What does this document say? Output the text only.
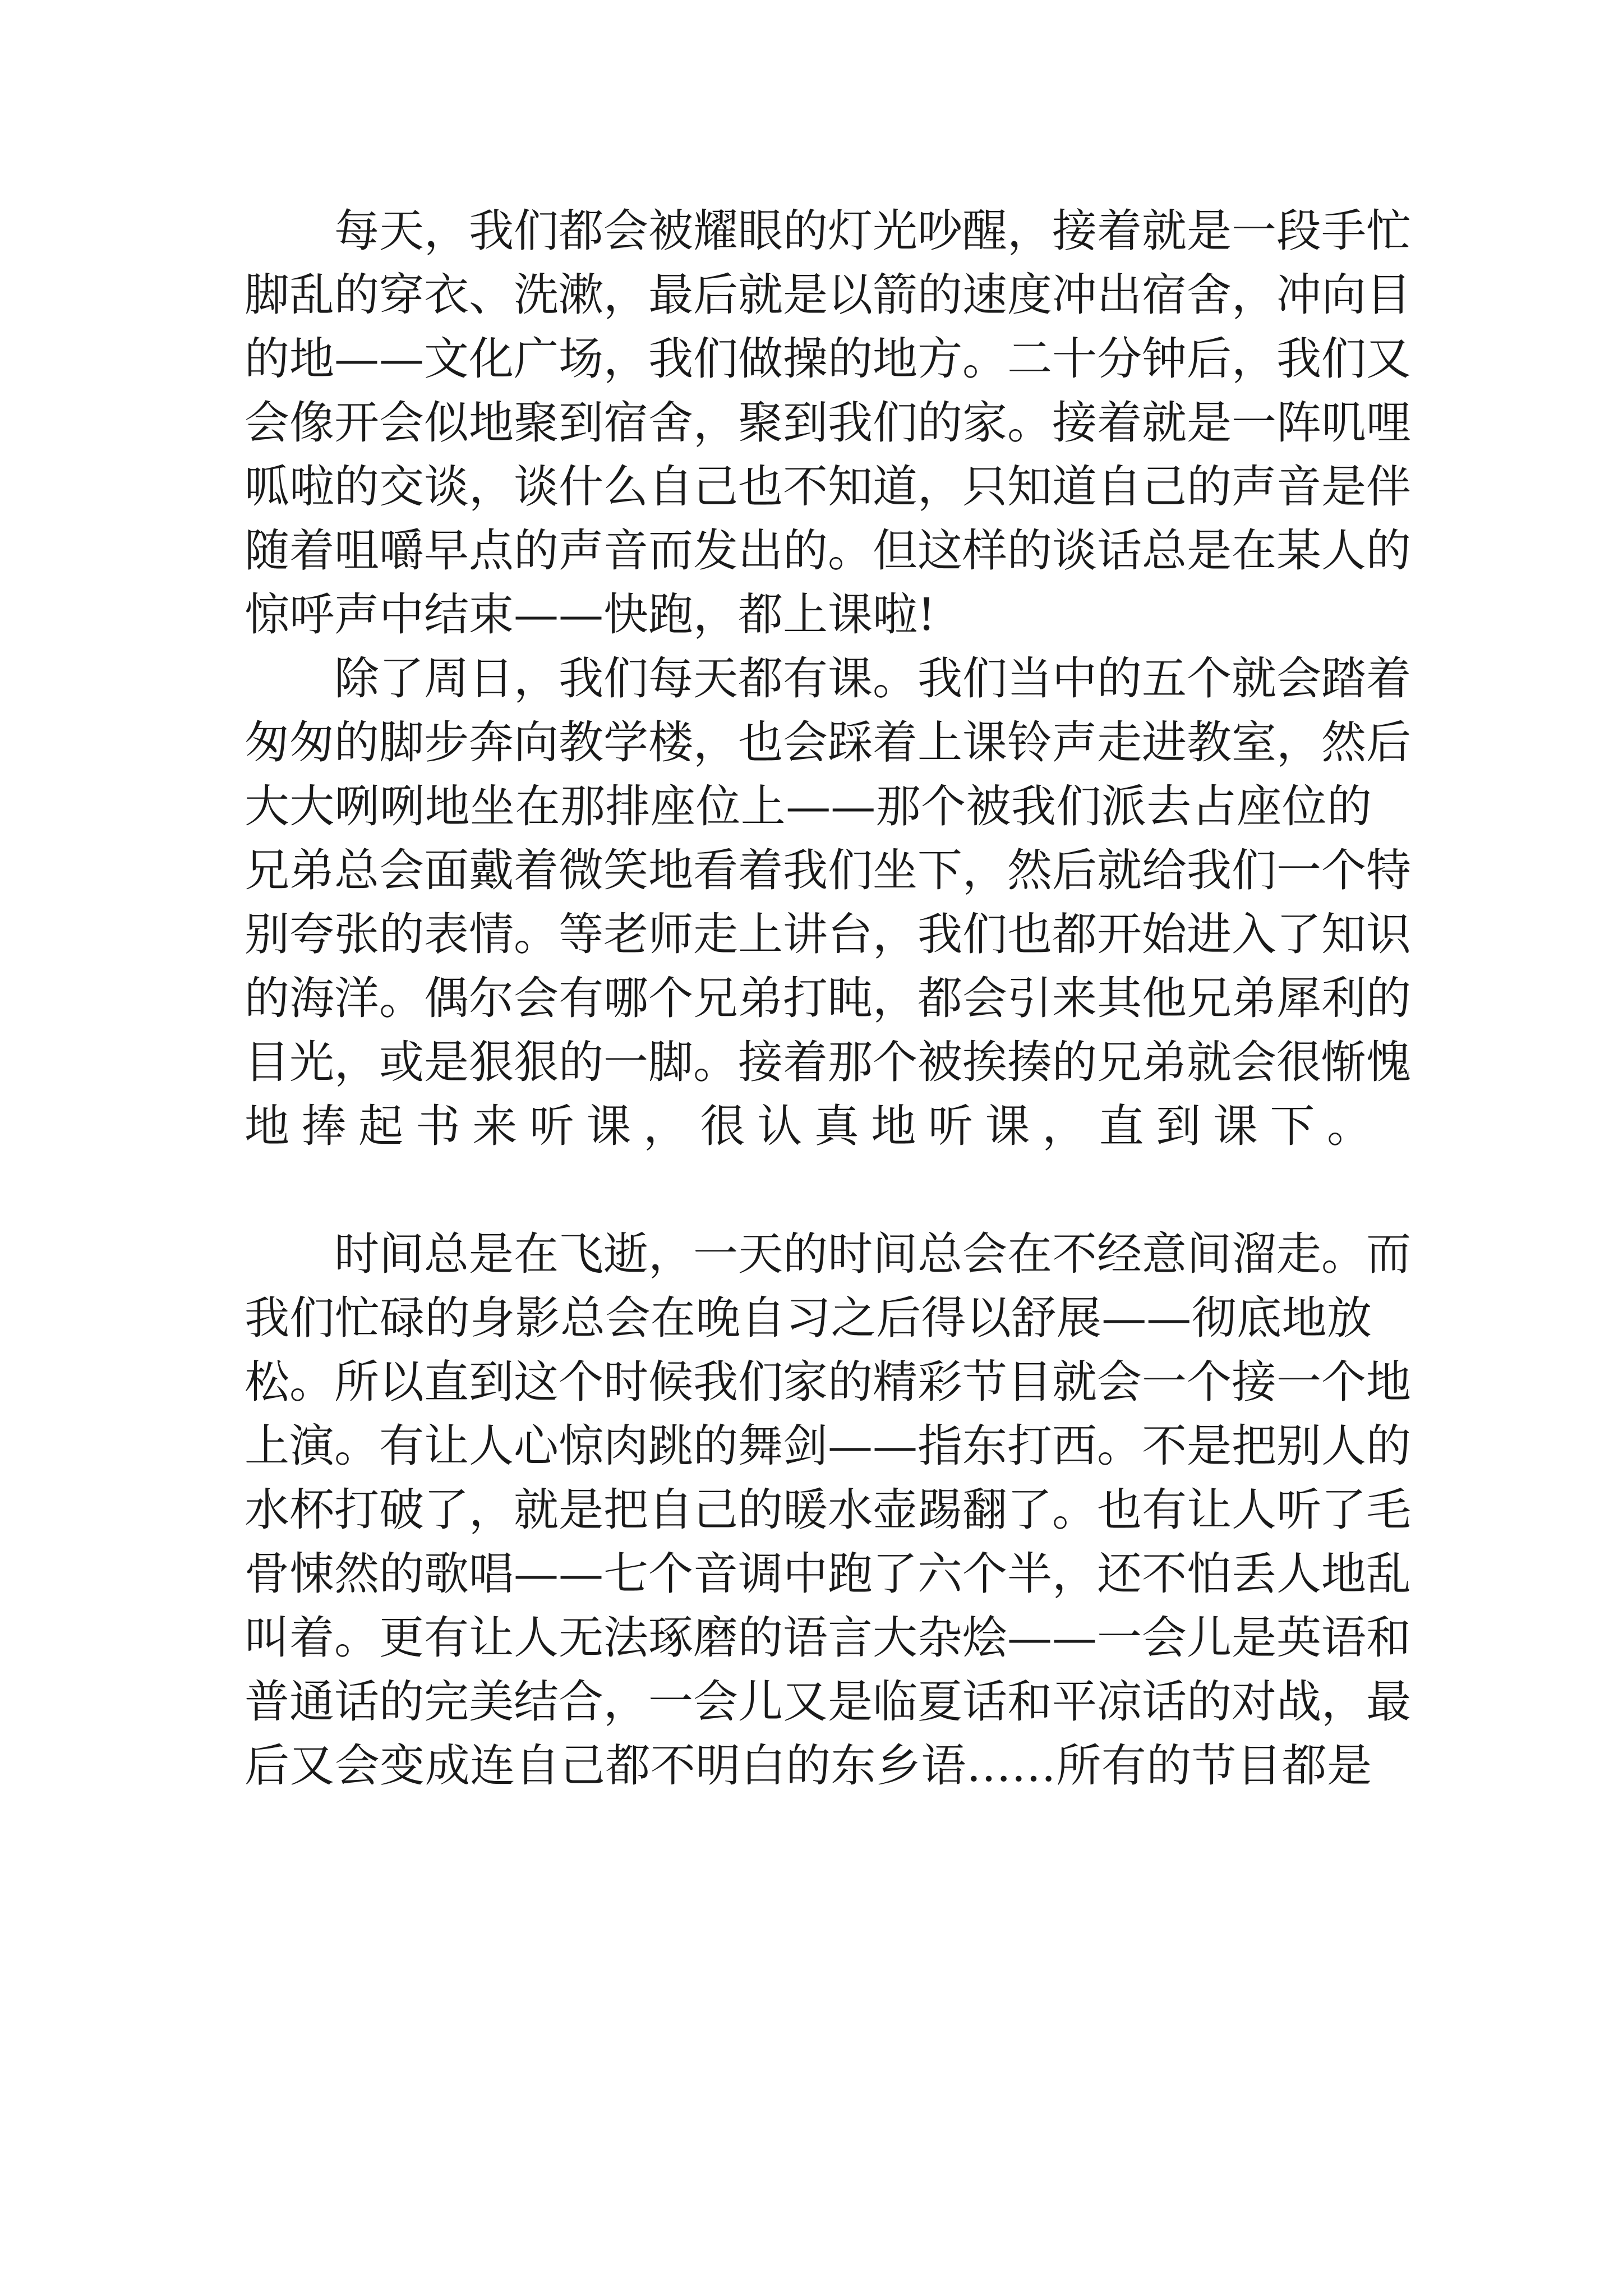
每天，我们都会被耀眼的灯光吵醒，接着就是一段手忙
脚乱的穿衣、洗漱，最后就是以箭的速度冲出宿舍，冲向目
的地——文化广场，我们做操的地方。二十分钟后，我们又
会像开会似地聚到宿舍，聚到我们的家。接着就是一阵叽哩
呱啦的交谈，谈什么自己也不知道，只知道自己的声音是伴
随着咀嚼早点的声音而发出的。但这样的谈话总是在某人的
惊呼声中结束——快跑，都上课啦!
除了周日，我们每天都有课。我们当中的五个就会踏着
匆匆的脚步奔向教学楼，也会踩着上课铃声走进教室，然后
大大咧咧地坐在那排座位上——那个被我们派去占座位的
兄弟总会面戴着微笑地看着我们坐下，然后就给我们一个特
别夸张的表情。等老师走上讲台，我们也都开始进入了知识
的海洋。偶尔会有哪个兄弟打盹，都会引来其他兄弟犀利的
目光，或是狠狠的一脚。接着那个被挨揍的兄弟就会很惭愧
地捧起书来听课，很认真地听课，直到课下。
时间总是在飞逝，一天的时间总会在不经意间溜走。而
我们忙碌的身影总会在晚自习之后得以舒展——彻底地放
松。所以直到这个时候我们家的精彩节目就会一个接一个地
上演。有让人心惊肉跳的舞剑——指东打西。不是把别人的
水杯打破了，就是把自己的暖水壶踢翻了。也有让人听了毛
骨悚然的歌唱——七个音调中跑了六个半，还不怕丢人地乱
叫着。更有让人无法琢磨的语言大杂烩——一会儿是英语和
普通话的完美结合，一会儿又是临夏话和平凉话的对战，最
后又会变成连自己都不明白的东乡语……所有的节目都是
